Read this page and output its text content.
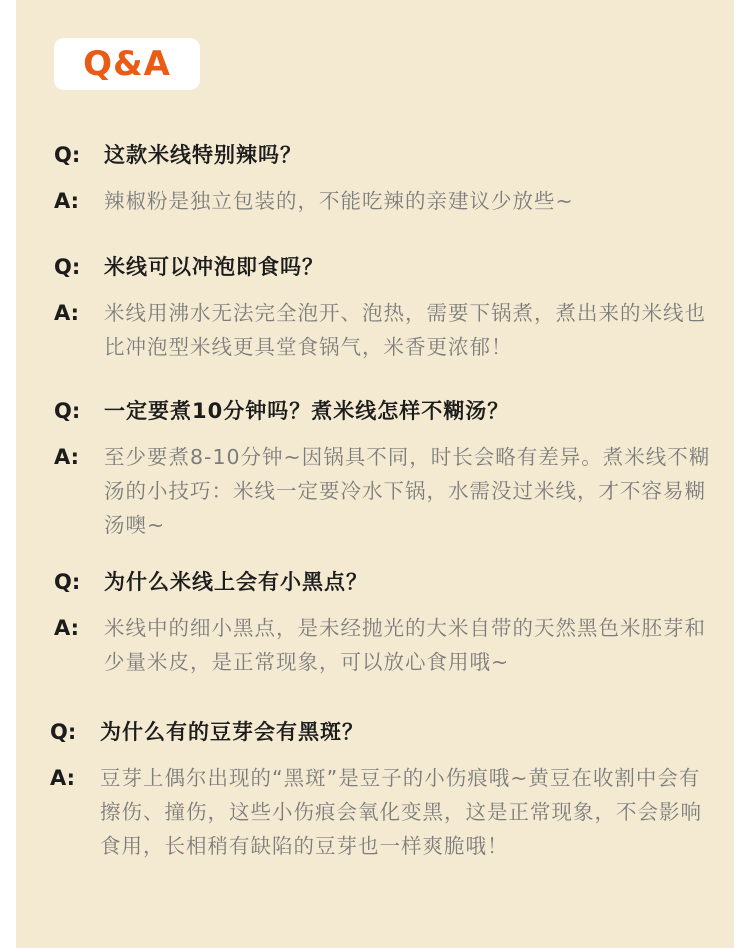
Q&A
Q:	这款米线特别辣吗？
A:	辣椒粉是独立包装的，不能吃辣的亲建议少放些~
Q:	米线可以冲泡即食吗？
A:	米线用沸水无法完全泡开、泡热，需要下锅煮，煮出来的米线也比冲泡型米线更具堂食锅气，米香更浓郁！
Q:	一定要煮10分钟吗？煮米线怎样不糊汤？
A:	至少要煮8-10分钟~因锅具不同，时长会略有差异。煮米线不糊汤的小技巧：米线一定要冷水下锅，水需没过米线，才不容易糊汤噢~
Q:	为什么米线上会有小黑点？
A:	米线中的细小黑点，是未经抛光的大米自带的天然黑色米胚芽和少量米皮，是正常现象，可以放心食用哦~
Q:	为什么有的豆芽会有黑斑？
A:	豆芽上偶尔出现的“黑斑”是豆子的小伤痕哦~黄豆在收割中会有擦伤、撞伤，这些小伤痕会氧化变黑，这是正常现象，不会影响食用，长相稍有缺陷的豆芽也一样爽脆哦！
